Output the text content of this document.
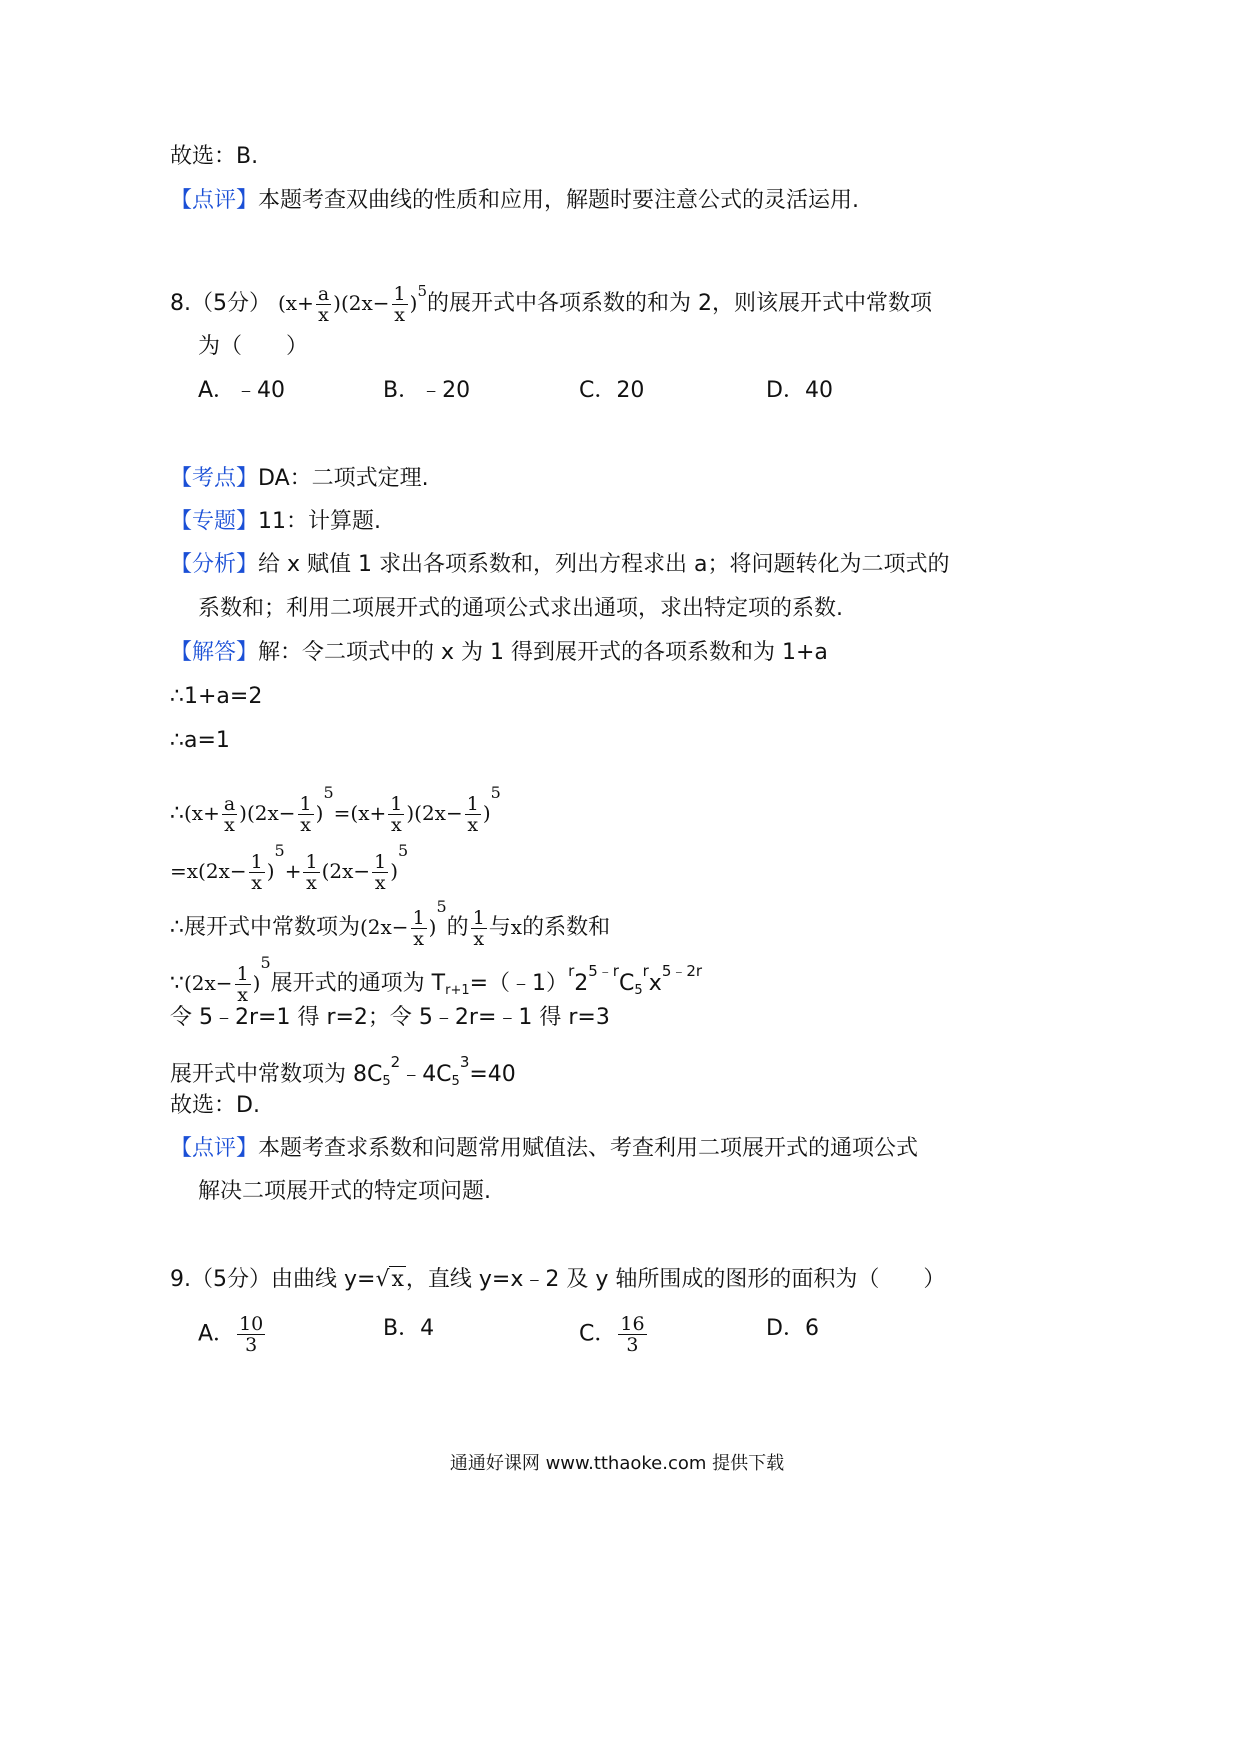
故选：B.
【点评】本题考查双曲线的性质和应用，解题时要注意公式的灵活运用.
8.（5分） $(x+ \frac{a}{x} )(2x- \frac{1}{x} )^5$的展开式中各项系数的和为 2，则该展开式中常数项
为（　　）
A．﹣40	B．﹣20	C．20	D．40
【考点】DA：二项式定理.
【专题】11：计算题.
【分析】给 x 赋值 1 求出各项系数和，列出方程求出 a；将问题转化为二项式的
系数和；利用二项展开式的通项公式求出通项，求出特定项的系数.
【解答】解：令二项式中的 x 为 1 得到展开式的各项系数和为 1+a
∴1+a=2
∴a=1
∴(x+ $\frac{a}{x} )(2x- \frac{1}{x} )^5=(x+ \frac{1}{x} )(2x- \frac{1}{x} )^5$
$=x(2x- \frac{1}{x} )^5+ \frac{1}{x} (2x- \frac{1}{x} )^5$
∴展开式中常数项为$(2x- \frac{1}{x} )^5$的 $\frac{1}{x}$ 与x的系数和
∵(2x− $\frac{1}{x} )^5$展开式的通项为 $T_{r+1}=(﹣1)^r2^{5﹣r}C_5^rx^{5﹣2r}$
令 5﹣2r=1 得 r=2；令 5﹣2r=﹣1 得 r=3
展开式中常数项为 $8C_5^2﹣4C_5^3=40$
故选：D.
【点评】本题考查求系数和问题常用赋值法、考查利用二项展开式的通项公式
解决二项展开式的特定项问题.
9.（5分）由曲线 y=√x，直线 y=x﹣2 及 y 轴所围成的图形的面积为（　　）
A． $\frac{10}{3}$	B．4	C． $\frac{16}{3}$	D．6
通通好课网 www.tthaoke.com 提供下载
